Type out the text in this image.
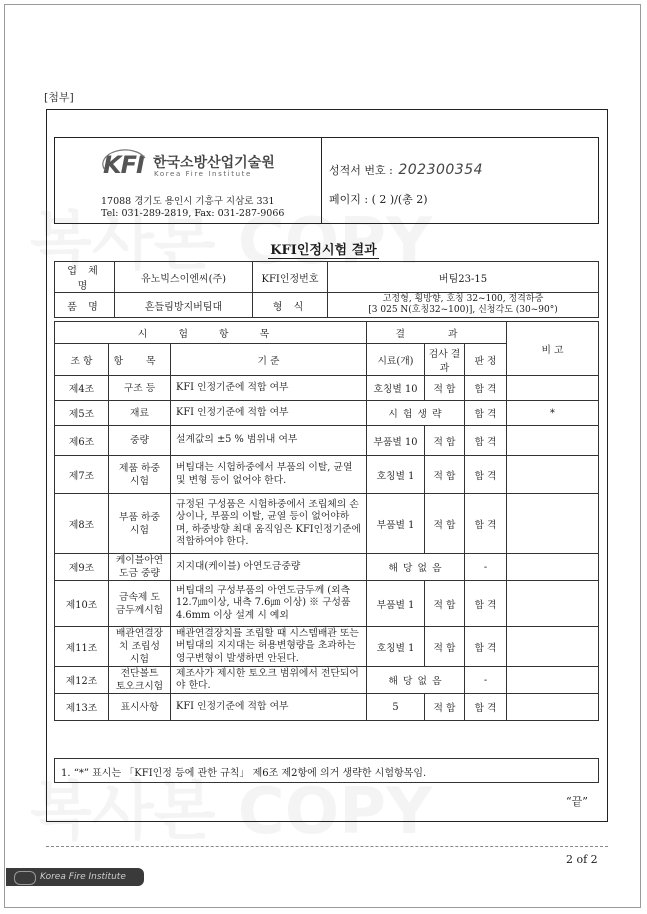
[첨부]
KFI 한국소방산업기술원
Korea Fire Institute
17088 경기도 용인시 기흥구 지삼로 331
Tel: 031-289-2819, Fax: 031-287-9066
성적서 번호 : 202300354
페이지 : ( 2 )/(총 2)
KFI인정시험 결과
업 체 명	유노빅스이엔씨(주)	KFI인정번호	버팀23-15
품 명	흔들림방지버팀대	형 식	고정형, 횡방향, 호칭 32~100, 정격하중
[3 025 N(호칭32~100)], 신청각도 (30~90°)
시 험 항 목			결 과			비 고
조 항	항 목	기 준	시료(개)	검사 결과	판 정	
제4조	구조 등	KFI 인정기준에 적합 여부	호칭별 10	적 합	합 격	
제5조	재료	KFI 인정기준에 적합 여부	시 험 생 략		합 격	*
제6조	중량	설계값의 ±5 % 범위내 여부	부품별 10	적 합	합 격	
제7조	제품 하중시험	버팀대는 시험하중에서 부품의 이탈, 균열 및 변형 등이 없어야 한다.	호칭별 1	적 합	합 격	
제8조	부품 하중시험	규정된 구성품은 시험하중에서 조립체의 손상이나, 부품의 이탈, 균열 등이 없어야하며, 하중방향 최대 움직임은 KFI인정기준에 적합하여야 한다.	부품별 1	적 합	합 격	
제9조	케이블아연 도금 중량	지지대(케이블) 아연도금중량	해 당 없 음		-	
제10조	금속제 도금두께시험	버팀대의 구성부품의 아연도금두께 (외측 12.7㎛이상, 내측 7.6㎛ 이상) ※ 구성품 4.6mm 이상 설계 시 예외	부품별 1	적 합	합 격	
제11조	배관연결장치 조립성시험	배관연결장치를 조립할 때 시스템배관 또는 버팀대의 지지대는 허용변형량을 초과하는 영구변형이 발생하면 안된다.	호칭별 1	적 합	합 격	
제12조	전단볼트 토오크시험	제조사가 제시한 토오크 범위에서 전단되어야 한다.	해 당 없 음		-	
제13조	표시사항	KFI 인정기준에 적합 여부	5	적 합	합 격	
1. “*” 표시는 「KFI인정 등에 관한 규칙」 제6조 제2항에 의거 생략한 시험항목임.
“끝”
2 of 2
Korea Fire Institute
